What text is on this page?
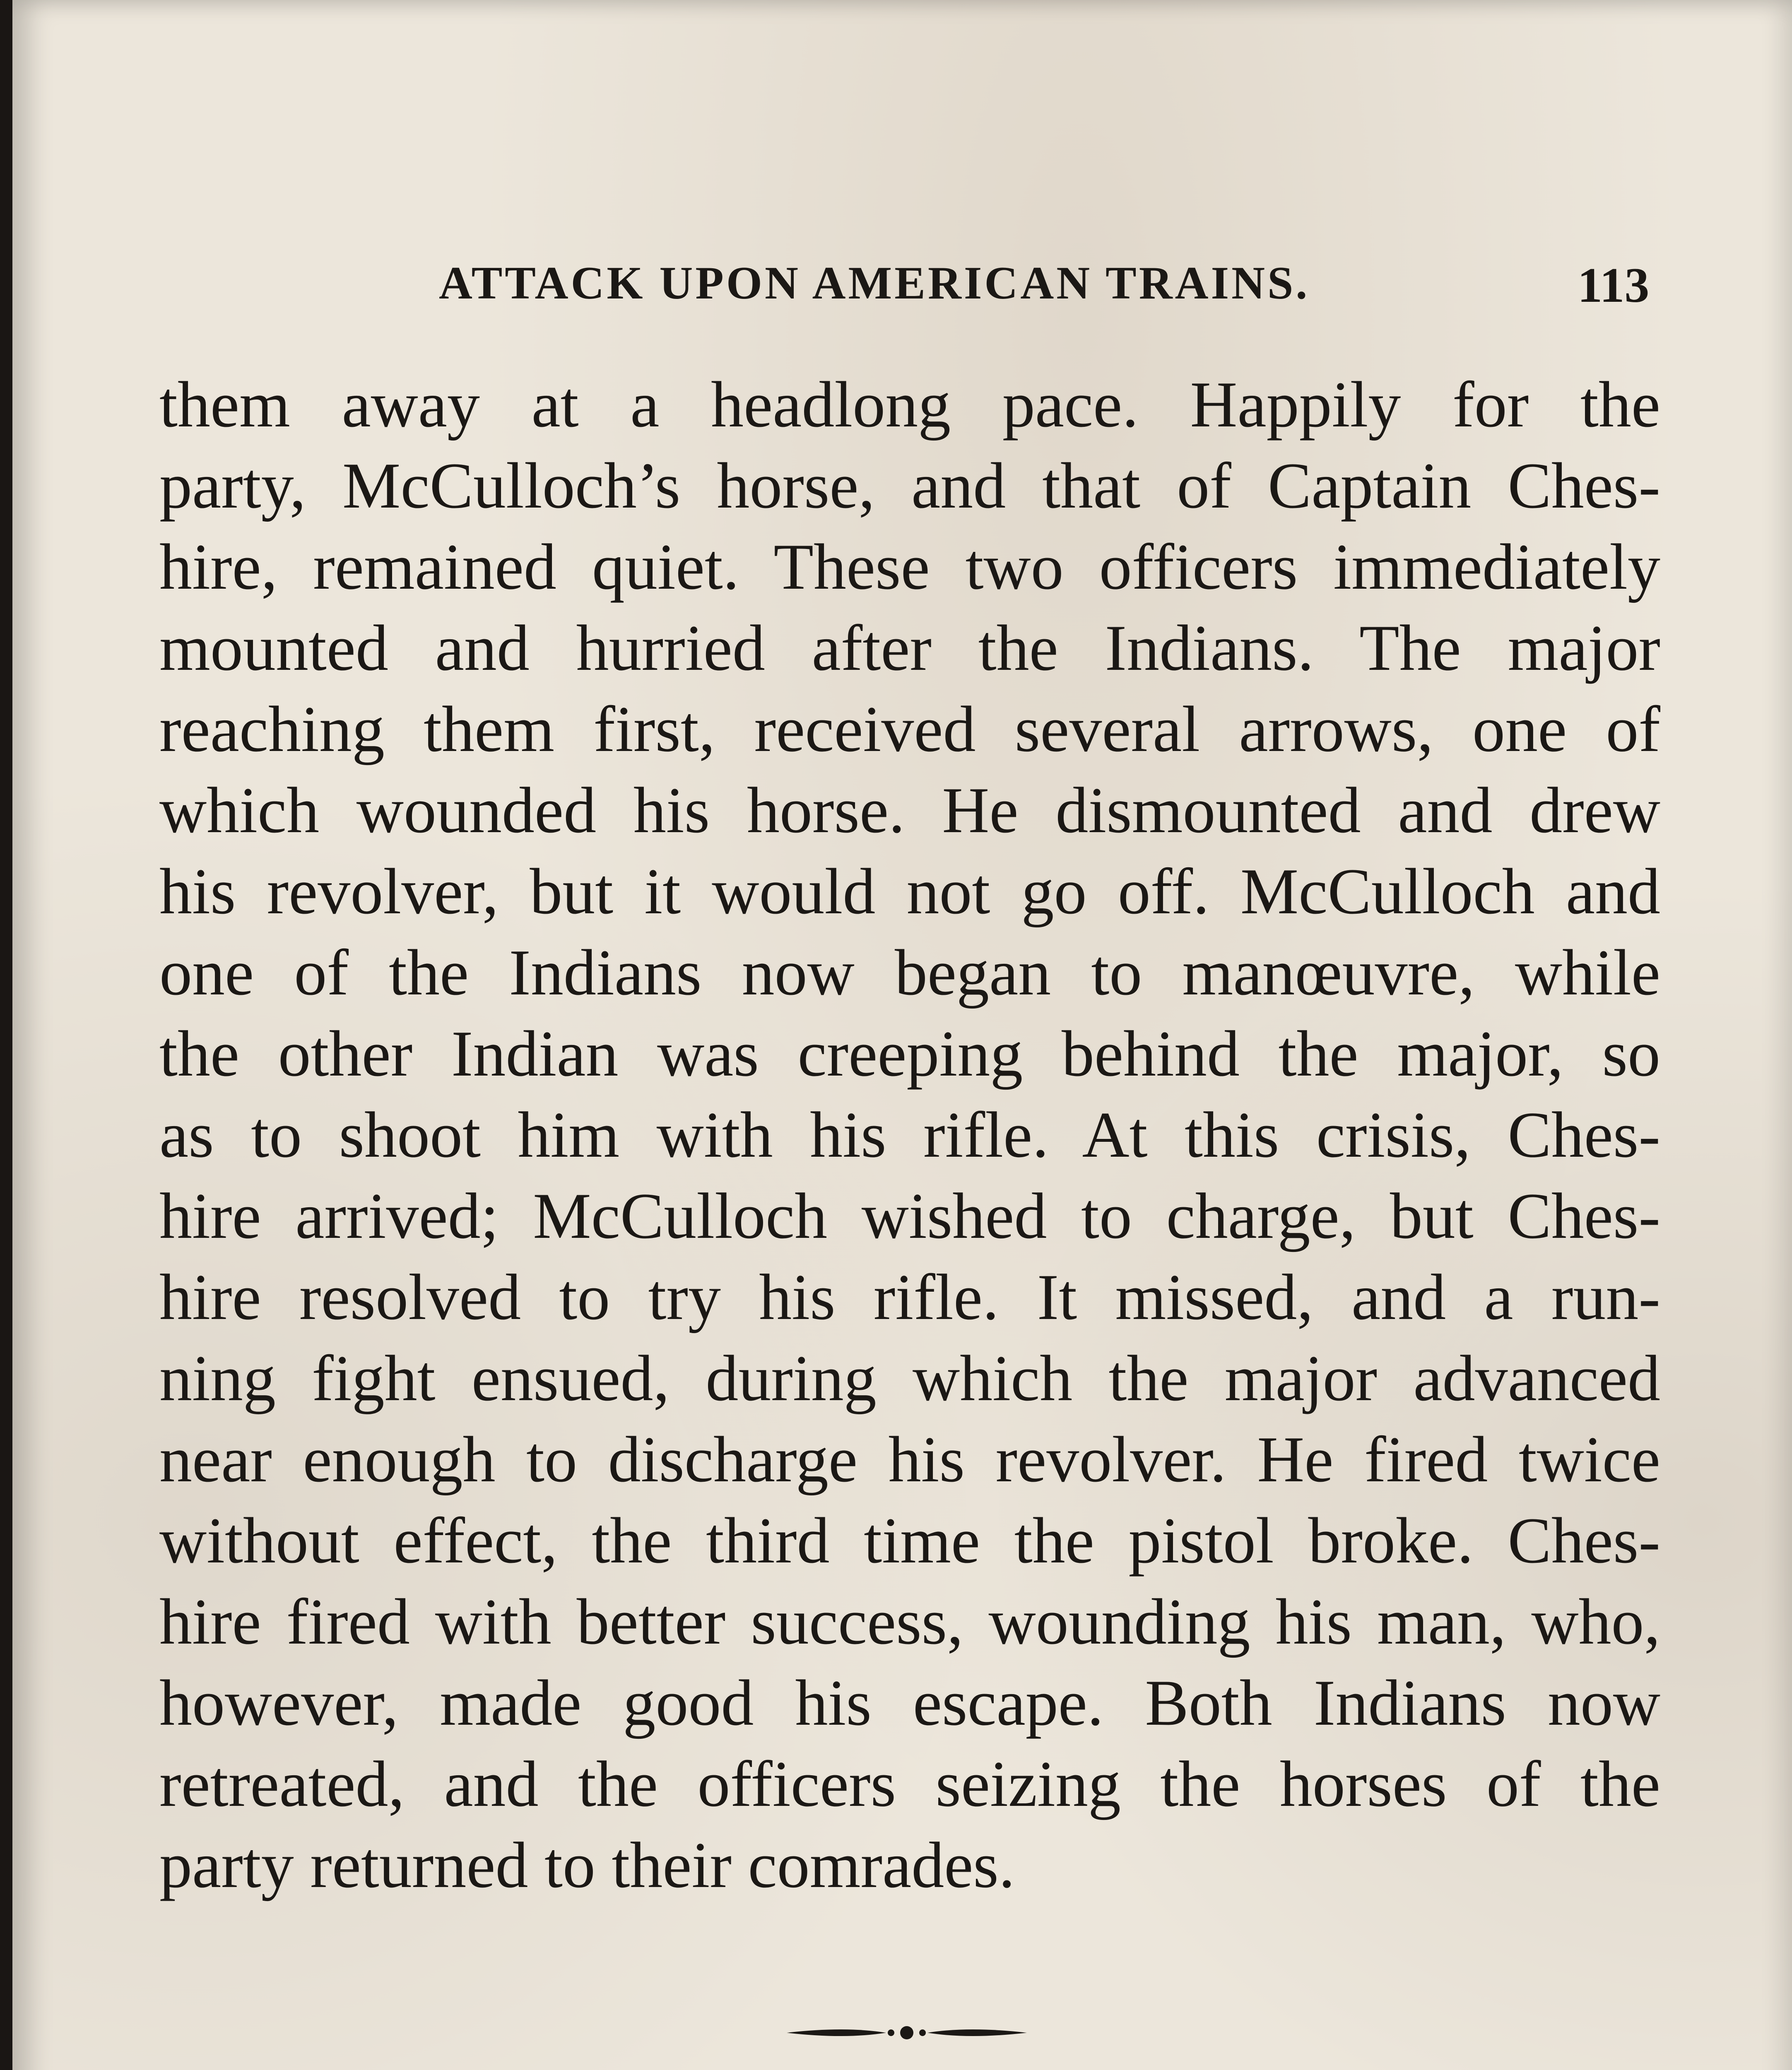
ATTACK UPON AMERICAN TRAINS.	113
them away at a headlong pace. Happily for the
party, McCulloch’s horse, and that of Captain Ches-
hire, remained quiet. These two officers immediately
mounted and hurried after the Indians. The major
reaching them first, received several arrows, one of
which wounded his horse. He dismounted and drew
his revolver, but it would not go off. McCulloch and
one of the Indians now began to manœuvre, while
the other Indian was creeping behind the major, so
as to shoot him with his rifle. At this crisis, Ches-
hire arrived; McCulloch wished to charge, but Ches-
hire resolved to try his rifle. It missed, and a run-
ning fight ensued, during which the major advanced
near enough to discharge his revolver. He fired twice
without effect, the third time the pistol broke. Ches-
hire fired with better success, wounding his man, who,
however, made good his escape. Both Indians now
retreated, and the officers seizing the horses of the
party returned to their comrades.
